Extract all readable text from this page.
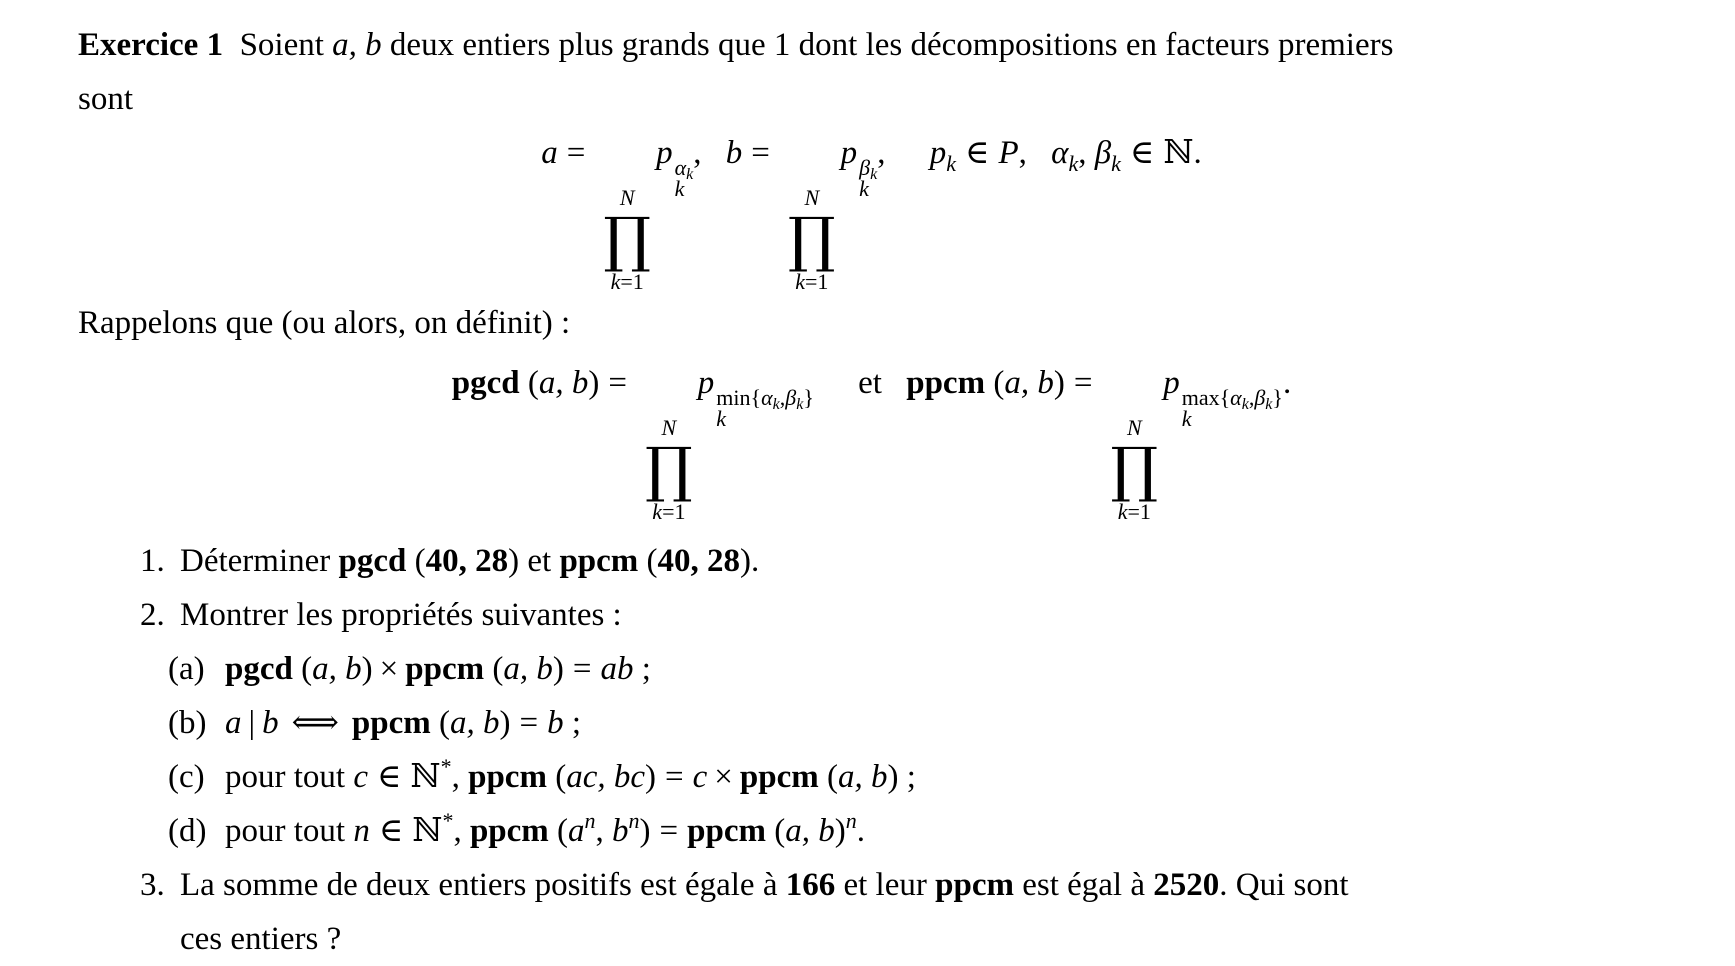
Exercice 1 Soient a, b deux entiers plus grands que 1 dont les décompositions en facteurs premiers

sont

a =
N
∏
k=1
p $\alpha_k$
k
, b =
N
∏
k=1
p $\beta_k$
k
, $p_k$ ∈ P, $\alpha_k$, $\beta_k$ ∈ ℕ.

Rappelons que (ou alors, on définit) :

pgcd (a, b) =
N
∏
k=1
p $\min\{\alpha_k,\beta_k\}$
k
et ppcm (a, b) =
N
∏
k=1
p $\max\{\alpha_k,\beta_k\}$
k
.
1. Déterminer pgcd (40, 28) et ppcm (40, 28).
2. Montrer les propriétés suivantes :
(a) pgcd (a, b) × ppcm (a, b) = ab ;
(b) a | b ⟺ ppcm (a, b) = b ;
(c) pour tout c ∈ ℕ*, ppcm (ac, bc) = c × ppcm (a, b) ;
(d) pour tout n ∈ ℕ*, ppcm ($a^n$, $b^n$) = ppcm (a, b)$^n$.
3. La somme de deux entiers positifs est égale à 166 et leur ppcm est égal à 2520. Qui sont
ces entiers ?
